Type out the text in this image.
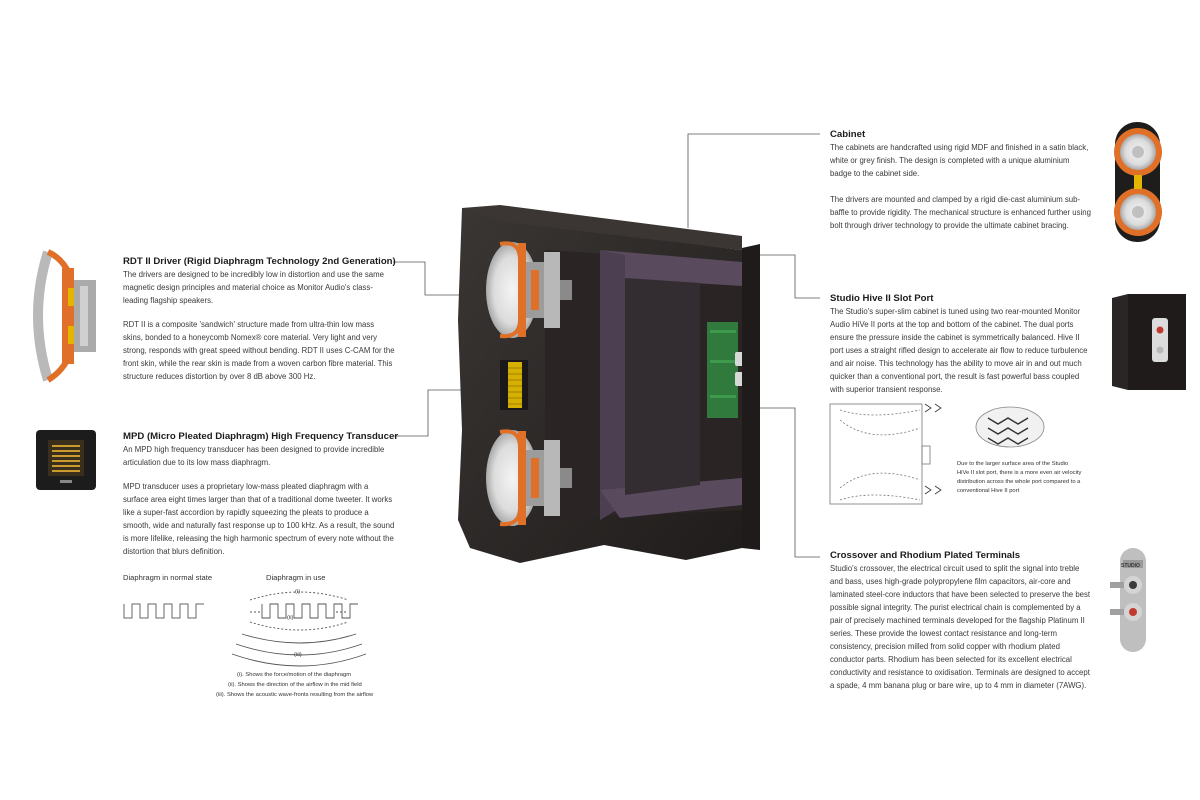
RDT II Driver (Rigid Diaphragm Technology 2nd Generation)

The drivers are designed to be incredibly low in distortion and use the same magnetic design principles and material choice as Monitor Audio's class-leading flagship speakers.

RDT II is a composite 'sandwich' structure made from ultra-thin low mass skins, bonded to a honeycomb Nomex® core material. Very light and very strong, responds with great speed without bending. RDT II uses C-CAM for the front skin, while the rear skin is made from a woven carbon fibre material. This structure reduces distortion by over 8 dB above 300 Hz.

MPD (Micro Pleated Diaphragm) High Frequency Transducer

An MPD high frequency transducer has been designed to provide incredible articulation due to its low mass diaphragm.

MPD transducer uses a proprietary low-mass pleated diaphragm with a surface area eight times larger than that of a traditional dome tweeter. It works like a super-fast accordion by rapidly squeezing the pleats to produce a smooth, wide and naturally fast response up to 100 kHz. As a result, the sound is more lifelike, releasing the high harmonic spectrum of every note without the distortion that blurs definition.

Diaphragm in normal state	Diaphragm in use
(i)
(ii)
(iii)
(i). Shows the force/motion of the diaphragm
(ii). Shows the direction of the airflow in the mid field
(iii). Shows the acoustic wave-fronts resulting from the airflow
Cabinet

The cabinets are handcrafted using rigid MDF and finished in a satin black, white or grey finish. The design is completed with a unique aluminium badge to the cabinet side.

The drivers are mounted and clamped by a rigid die-cast aluminium sub-baffle to provide rigidity. The mechanical structure is enhanced further using bolt through driver technology to provide the ultimate cabinet bracing.

Studio Hive II Slot Port

The Studio's super-slim cabinet is tuned using two rear-mounted Monitor Audio HiVe II ports at the top and bottom of the cabinet. The dual ports ensure the pressure inside the cabinet is symmetrically balanced. Hive II port uses a straight rifled design to accelerate air flow to reduce turbulence and air noise. This technology has the ability to move air in and out much quicker than a conventional port, the result is fast powerful bass coupled with superior transient response.

Due to the larger surface area of the Studio HiVe II slot port, there is a more even air velocity distribution across the whole port compared to a conventional Hive II port
Crossover and Rhodium Plated Terminals

Studio's crossover, the electrical circuit used to split the signal into treble and bass, uses high-grade polypropylene film capacitors, air-core and laminated steel-core inductors that have been selected to preserve the best possible signal integrity. The purist electrical chain is complemented by a pair of precisely machined terminals developed for the flagship Platinum II series. These provide the lowest contact resistance and long-term consistency, precision milled from solid copper with rhodium plated conductor parts. Rhodium has been selected for its excellent electrical conductivity and resistance to oxidisation. Terminals are designed to accept a spade, 4 mm banana plug or bare wire, up to 4 mm in diameter (7AWG).

STUDIO
